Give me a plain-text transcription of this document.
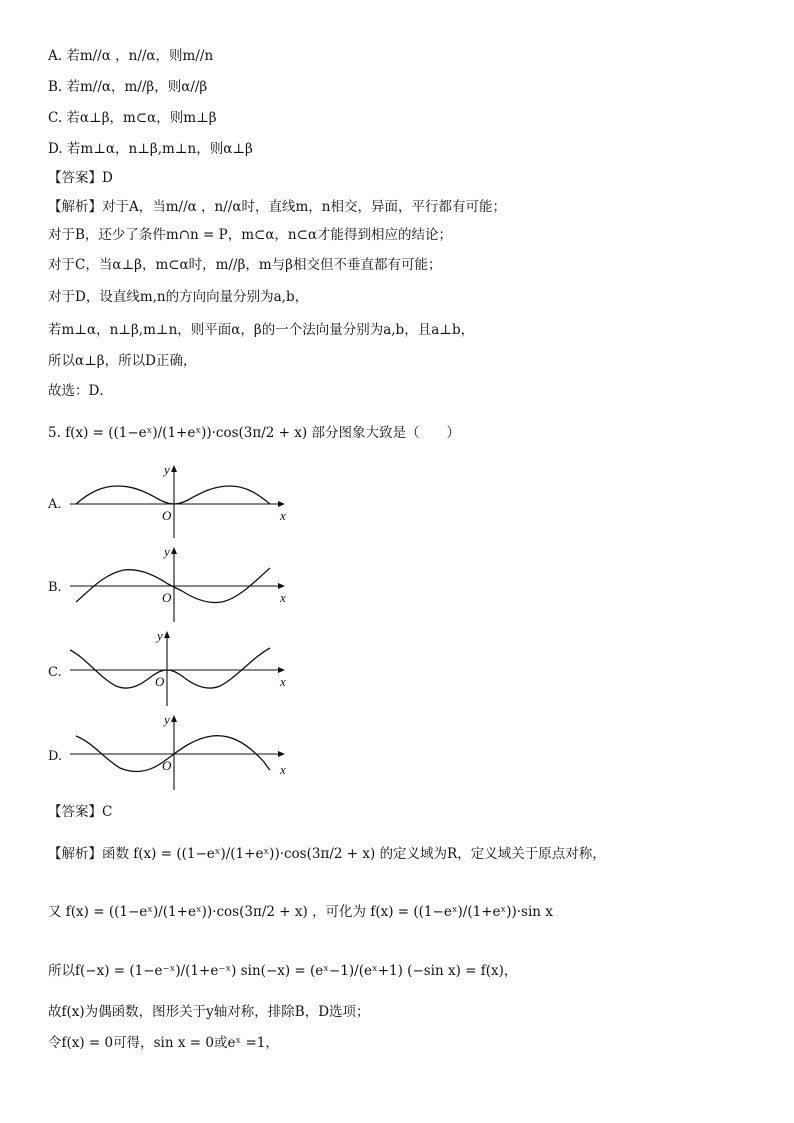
A. 若m//α ，n//α，则m//n
B. 若m//α，m//β，则α//β
C. 若α⊥β，m⊂α，则m⊥β
D. 若m⊥α，n⊥β,m⊥n，则α⊥β
【答案】D
【解析】对于A，当m//α ，n//α时，直线m，n相交，异面，平行都有可能；
对于B，还少了条件m∩n = P，m⊂α，n⊂α才能得到相应的结论；
对于C，当α⊥β，m⊂α时，m//β，m与β相交但不垂直都有可能；
对于D，设直线m,n的方向向量分别为a,b，
若m⊥α，n⊥β,m⊥n，则平面α，β的一个法向量分别为a,b，且a⊥b，
所以α⊥β，所以D正确，
故选：D．
5. f(x) = ((1−eˣ)/(1+eˣ))·cos(3π/2 + x) 部分图象大致是（　　）
A.
x
y
O
B.
x
y
O
C.
x
y
O
D.
x
y
O
【答案】C
【解析】函数 f(x) = ((1−eˣ)/(1+eˣ))·cos(3π/2 + x) 的定义域为R，定义域关于原点对称，
又 f(x) = ((1−eˣ)/(1+eˣ))·cos(3π/2 + x) ，可化为 f(x) = ((1−eˣ)/(1+eˣ))·sin x
所以f(−x) = (1−e⁻ˣ)/(1+e⁻ˣ) sin(−x) = (eˣ−1)/(eˣ+1) (−sin x) = f(x)，
故f(x)为偶函数，图形关于y轴对称，排除B，D选项；
令f(x) = 0可得，sin x = 0或eˣ =1，
